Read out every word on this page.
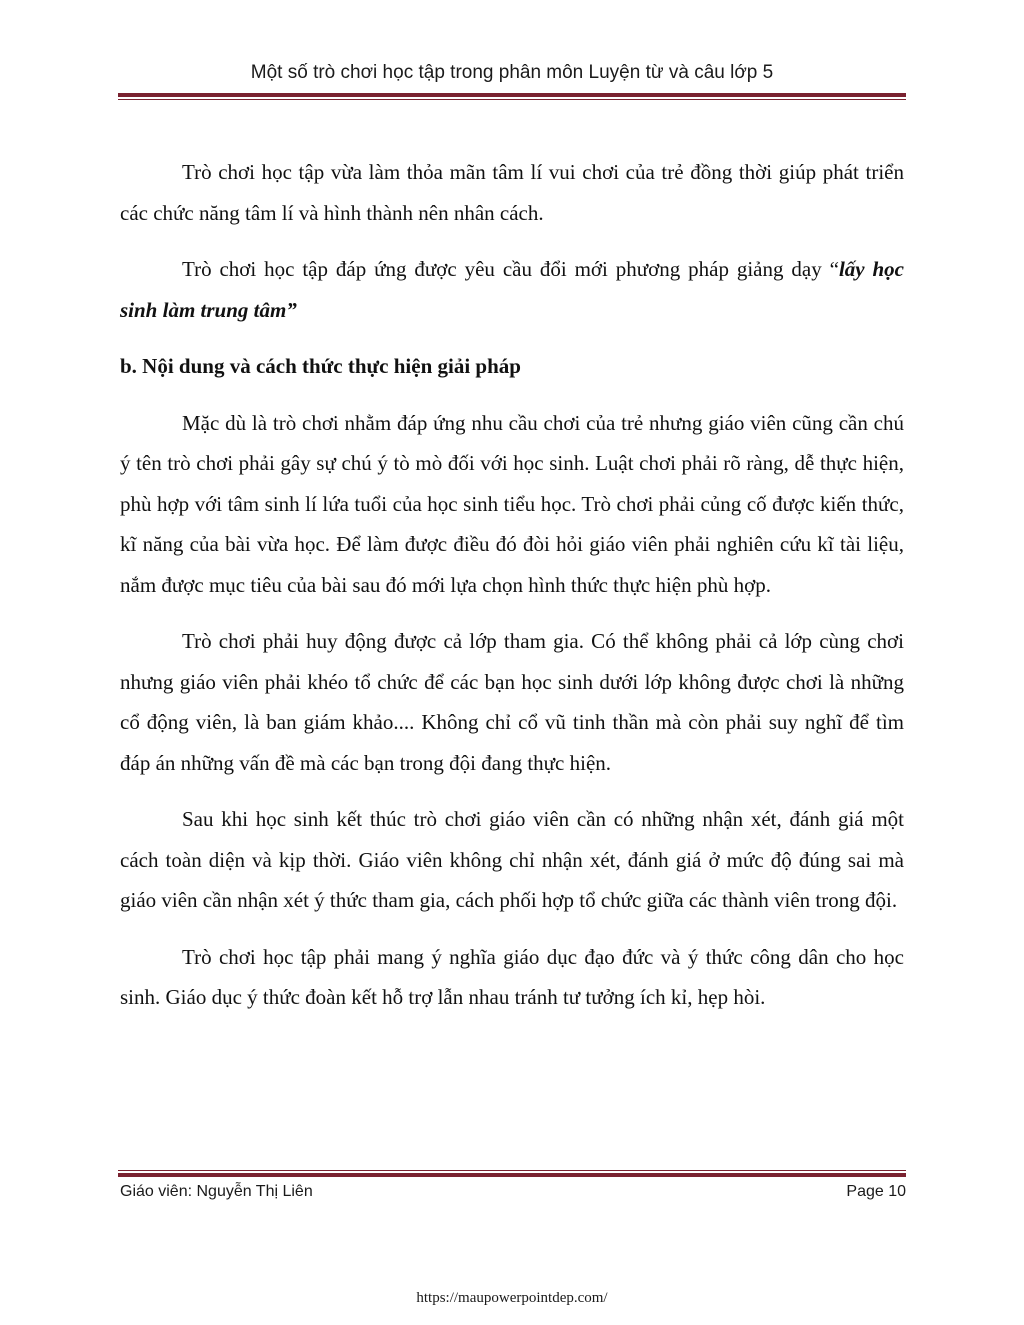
Một số trò chơi học tập trong phân môn Luyện từ và câu lớp 5

Trò chơi học tập vừa làm thỏa mãn tâm lí vui chơi của trẻ đồng thời giúp phát triển các chức năng tâm lí và hình thành nên nhân cách.

Trò chơi học tập đáp ứng được yêu cầu đổi mới phương pháp giảng dạy “lấy học sinh làm trung tâm”

b. Nội dung và cách thức thực hiện giải pháp

Mặc dù là trò chơi nhằm đáp ứng nhu cầu chơi của trẻ nhưng giáo viên cũng cần chú ý tên trò chơi phải gây sự chú ý tò mò đối với học sinh. Luật chơi phải rõ ràng, dễ thực hiện, phù hợp với tâm sinh lí lứa tuổi của học sinh tiểu học. Trò chơi phải củng cố được kiến thức, kĩ năng của bài vừa học. Để làm được điều đó đòi hỏi giáo viên phải nghiên cứu kĩ tài liệu, nắm được mục tiêu của bài sau đó mới lựa chọn hình thức thực hiện phù hợp.

Trò chơi phải huy động được cả lớp tham gia. Có thể không phải cả lớp cùng chơi nhưng giáo viên phải khéo tổ chức để các bạn học sinh dưới lớp không được chơi là những cổ động viên, là ban giám khảo.... Không chỉ cổ vũ tinh thần mà còn phải suy nghĩ để tìm đáp án những vấn đề mà các bạn trong đội đang thực hiện.

Sau khi học sinh kết thúc trò chơi giáo viên cần có những nhận xét, đánh giá một cách toàn diện và kịp thời. Giáo viên không chỉ nhận xét, đánh giá ở mức độ đúng sai mà giáo viên cần nhận xét ý thức tham gia, cách phối hợp tổ chức giữa các thành viên trong đội.

Trò chơi học tập phải mang ý nghĩa giáo dục đạo đức và ý thức công dân cho học sinh. Giáo dục ý thức đoàn kết hỗ trợ lẫn nhau tránh tư tưởng ích kỉ, hẹp hòi.

Giáo viên: Nguyễn Thị Liên	Page 10
https://maupowerpointdep.com/
